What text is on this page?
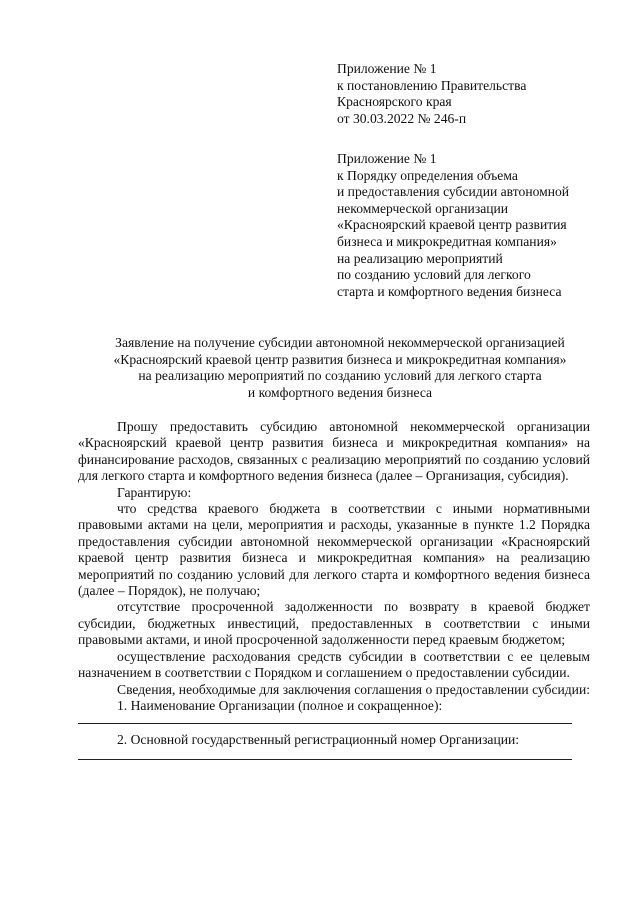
Приложение № 1
к постановлению Правительства
Красноярского края
от 30.03.2022 № 246-п
Приложение № 1
к Порядку определения объема
и предоставления субсидии автономной
некоммерческой организации
«Красноярский краевой центр развития
бизнеса и микрокредитная компания»
на реализацию мероприятий
по созданию условий для легкого
старта и комфортного ведения бизнеса
Заявление на получение субсидии автономной некоммерческой организацией
«Красноярский краевой центр развития бизнеса и микрокредитная компания»
на реализацию мероприятий по созданию условий для легкого старта
и комфортного ведения бизнеса

Прошу предоставить субсидию автономной некоммерческой организации «Красноярский краевой центр развития бизнеса и микрокредитная компания» на финансирование расходов, связанных с реализацию мероприятий по созданию условий для легкого старта и комфортного ведения бизнеса (далее – Организация, субсидия).

Гарантирую:

что средства краевого бюджета в соответствии с иными нормативными правовыми актами на цели, мероприятия и расходы, указанные в пункте 1.2 Порядка предоставления субсидии автономной некоммерческой организации «Красноярский краевой центр развития бизнеса и микрокредитная компания» на реализацию мероприятий по созданию условий для легкого старта и комфортного ведения бизнеса (далее – Порядок), не получаю;

отсутствие просроченной задолженности по возврату в краевой бюджет субсидии, бюджетных инвестиций, предоставленных в соответствии с иными правовыми актами, и иной просроченной задолженности перед краевым бюджетом;

осуществление расходования средств субсидии в соответствии с ее целевым назначением в соответствии с Порядком и соглашением о предоставлении субсидии.

Сведения, необходимые для заключения соглашения о предоставлении субсидии:

1. Наименование Организации (полное и сокращенное):

2. Основной государственный регистрационный номер Организации:
